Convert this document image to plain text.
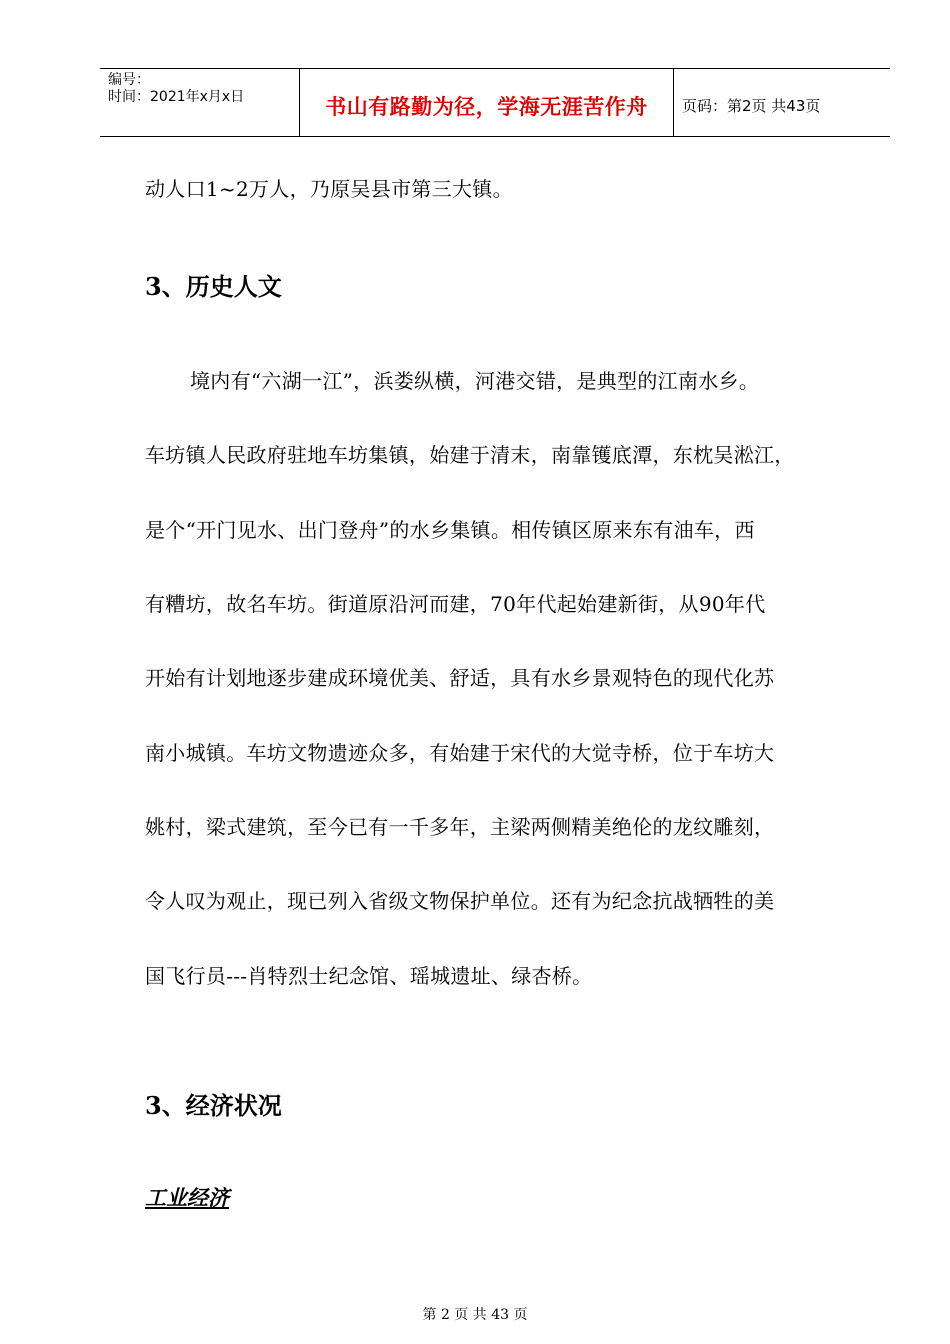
编号：
时间：2021年x月x日	书山有路勤为径，学海无涯苦作舟 页码：第2页 共43页
动人口1~2万人，乃原吴县市第三大镇。
3、历史人文
境内有“六湖一江”，浜娄纵横，河港交错，是典型的江南水乡。
车坊镇人民政府驻地车坊集镇，始建于清末，南靠镬底潭，东枕吴淞江，
是个“开门见水、出门登舟”的水乡集镇。相传镇区原来东有油车，西
有糟坊，故名车坊。街道原沿河而建，70年代起始建新街，从90年代
开始有计划地逐步建成环境优美、舒适，具有水乡景观特色的现代化苏
南小城镇。车坊文物遗迹众多，有始建于宋代的大觉寺桥，位于车坊大
姚村，梁式建筑，至今已有一千多年，主梁两侧精美绝伦的龙纹雕刻，
令人叹为观止，现已列入省级文物保护单位。还有为纪念抗战牺牲的美
国飞行员---肖特烈士纪念馆、瑶城遗址、绿杏桥。
3、经济状况
工业经济
第 2 页 共 43 页
